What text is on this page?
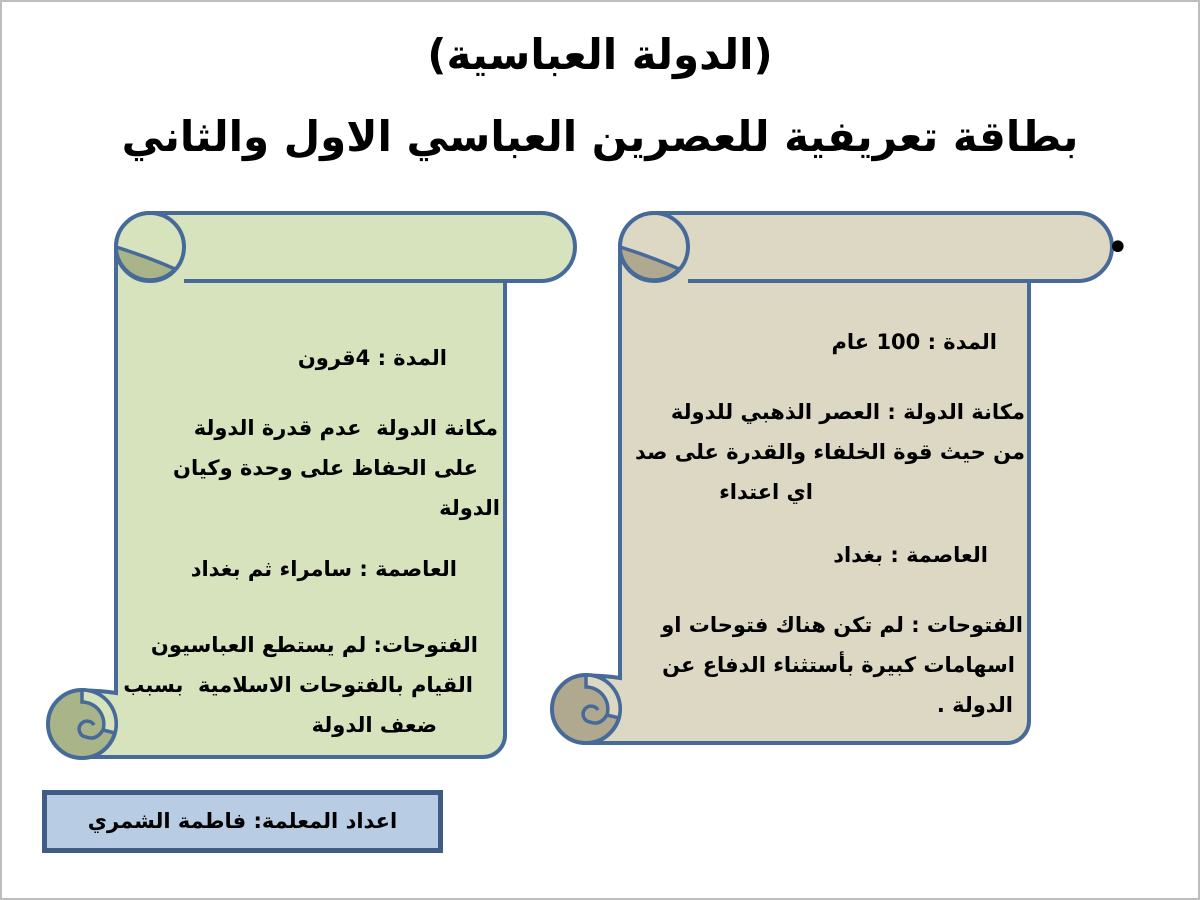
(الدولة العباسية)
بطاقة تعريفية للعصرين العباسي الاول والثاني
•
المدة : 4قرون
مكانة الدولة  عدم قدرة الدولة
على الحفاظ على وحدة وكيان
الدولة
العاصمة : سامراء ثم بغداد
الفتوحات: لم يستطع العباسيون
القيام بالفتوحات الاسلامية  بسبب
ضعف الدولة
المدة : 100 عام
مكانة الدولة : العصر الذهبي للدولة
من حيث قوة الخلفاء والقدرة على صد
اي اعتداء
العاصمة : بغداد
الفتوحات : لم تكن هناك فتوحات او
اسهامات كبيرة بأستثناء الدفاع عن
الدولة .
اعداد المعلمة: فاطمة الشمري
